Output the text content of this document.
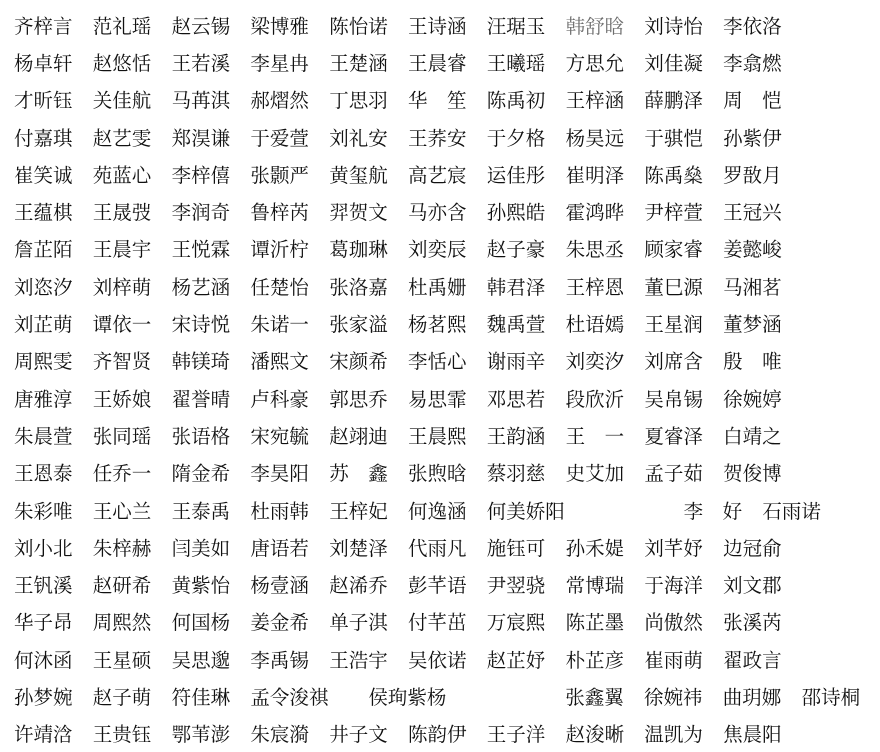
齐梓言	范礼瑶	赵云锡	梁博雅	陈怡诺	王诗涵	汪琚玉	韩舒晗	刘诗怡	李依洛
杨卓轩	赵悠恬	王若溪	李星冉	王楚涵	王晨睿	王曦瑶	方思允	刘佳凝	李翕燃
才昕钰	关佳航	马苒淇	郝熠然	丁思羽	华　笙	陈禹初	王梓涵	薛鹏泽	周　恺
付嘉琪	赵艺雯	郑淏谦	于爱萱	刘礼安	王荞安	于夕格	杨昊远	于骐恺	孙紫伊
崔笑诚	苑蓝心	李梓僖	张颢严	黄玺航	高艺宸	运佳彤	崔明泽	陈禹燊	罗敔月
王蕴棋	王晟弢	李润奇	鲁梓芮	羿贺文	马亦含	孙熙皓	霍鸿晔	尹梓萱	王冠兴
詹芷陌	王晨宇	王悦霖	谭沂柠	葛珈琳	刘奕辰	赵子豪	朱思丞	顾家睿	姜懿峻
刘恣汐	刘梓萌	杨艺涵	任楚怡	张洛嘉	杜禹姗	韩君泽	王梓恩	董巳源	马湘茗
刘芷萌	谭依一	宋诗悦	朱诺一	张家溢	杨茗熙	魏禹萱	杜语嫣	王星润	董梦涵
周熙雯	齐智贤	韩镁琦	潘熙文	宋颜希	李恬心	谢雨辛	刘奕汐	刘席含	殷　唯
唐雅淳	王娇娘	翟誉晴	卢科豪	郭思乔	易思霏	邓思若	段欣沂	吴帛锡	徐婉婷
朱晨萱	张同瑶	张语格	宋宛毓	赵翊迪	王晨熙	王韵涵	王　一	夏睿泽	白靖之
王恩泰	任乔一	隋金希	李昊阳	苏　鑫	张煦晗	蔡羽慈	史艾加	孟子茹	贺俊博
朱彩唯	王心兰	王泰禹	杜雨韩	王梓妃	何逸涵	何美娇阳	李　好	石雨诺
刘小北	朱梓赫	闫美如	唐语若	刘楚泽	代雨凡	施钰可	孙禾媞	刘芊妤	边冠俞
王钒溪	赵研希	黄紫怡	杨壹涵	赵浠乔	彭芊语	尹翌骁	常博瑞	于海洋	刘文郡
华子昂	周熙然	何国杨	姜金希	单子淇	付芊茁	万宸熙	陈芷墨	尚傲然	张溪芮
何沐函	王星硕	吴思邈	李禹锡	王浩宇	吴依诺	赵芷妤	朴芷彦	崔雨萌	翟政言
孙梦婉	赵子萌	符佳琳	孟令浚祺	侯珣紫杨	张鑫翼	徐婉祎	曲玥娜	邵诗桐
许靖浛	王贵钰	鄂苇澎	朱宸漪	井子文	陈韵伊	王子洋	赵浚晰	温凯为	焦晨阳
